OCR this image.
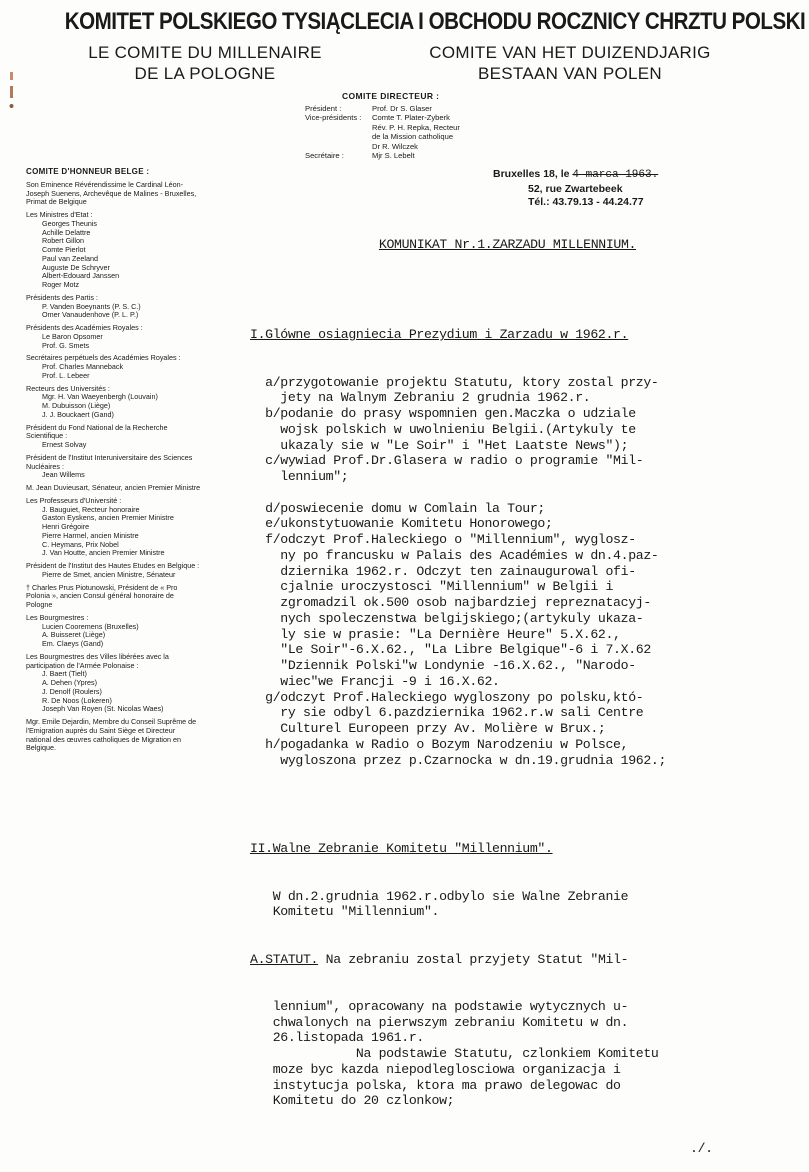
KOMITET POLSKIEGO TYSIĄCLECIA I OBCHODU ROCZNICY CHRZTU POLSKI
LE COMITE DU MILLENAIRE
DE LA POLOGNE
COMITE VAN HET DUIZENDJARIG
BESTAAN VAN POLEN
COMITE DIRECTEUR :
Président :	Prof. Dr S. Glaser
Vice-présidents :	Comte T. Plater-Zyberk
Rév. P. H. Repka, Recteur
de la Mission catholique
Dr R. Wilczek
Secrétaire :	Mjr S. Lebelt
Bruxelles 18, le 4 marca 1963.
52, rue Zwartebeek
Tél.: 43.79.13 - 44.24.77
COMITE D'HONNEUR BELGE :
Son Eminence Révérendissime le Cardinal Léon-Joseph Suenens, Archevêque de Malines - Bruxelles, Primat de Belgique
Les Ministres d'Etat :
Georges Theunis
Achille Delattre
Robert Gillon
Comte Pierlot
Paul van Zeeland
Auguste De Schryver
Albert-Edouard Janssen
Roger Motz
Présidents des Partis :
P. Vanden Boeynants (P. S. C.)
Omer Vanaudenhove (P. L. P.)
Présidents des Académies Royales :
Le Baron Opsomer
Prof. G. Smets
Secrétaires perpétuels des Académies Royales :
Prof. Charles Manneback
Prof. L. Lebeer
Recteurs des Universités :
Mgr. H. Van Waeyenbergh (Louvain)
M. Dubuisson (Liège)
J. J. Bouckaert (Gand)
Président du Fond National de la Recherche Scientifique :
Ernest Solvay
Président de l'Institut Interuniversitaire des Sciences Nucléaires :
Jean Willems
M. Jean Duvieusart, Sénateur, ancien Premier Ministre
Les Professeurs d'Université :
J. Bauguiet, Recteur honoraire
Gaston Eyskens, ancien Premier Ministre
Henri Grégoire
Pierre Harmel, ancien Ministre
C. Heymans, Prix Nobel
J. Van Houtte, ancien Premier Ministre
Président de l'Institut des Hautes Etudes en Belgique :
Pierre de Smet, ancien Ministre, Sénateur
† Charles Prus Piotunowski, Président de « Pro Polonia », ancien Consul général honoraire de Pologne
Les Bourgmestres :
Lucien Cooremens (Bruxelles)
A. Buisseret (Liège)
Em. Claeys (Gand)
Les Bourgmestres des Villes libérées avec la participation de l'Armée Polonaise :
J. Baert (Tielt)
A. Dehen (Ypres)
J. Denolf (Roulers)
R. De Noos (Lokeren)
Joseph Van Royen (St. Nicolas Waes)
Mgr. Emile Dejardin, Membre du Conseil Suprême de l'Emigration auprès du Saint Siège et Directeur national des œuvres catholiques de Migration en Belgique.

KOMUNIKAT Nr.1.ZARZADU MILLENNIUM.

I.Glówne osiagniecia Prezydium i Zarzadu w 1962.r.

a/przygotowanie projektu Statutu, ktory zostal przy-
jety na Walnym Zebraniu 2 grudnia 1962.r.
b/podanie do prasy wspomnien gen.Maczka o udziale
wojsk polskich w uwolnieniu Belgii.(Artykuly te
ukazaly sie w "Le Soir" i "Het Laatste News");
c/wywiad Prof.Dr.Glasera w radio o programie "Mil-
lennium";
d/poswiecenie domu w Comlain la Tour;
e/ukonstytuowanie Komitetu Honorowego;
f/odczyt Prof.Haleckiego o "Millennium", wyglosz-
ny po francusku w Palais des Académies w dn.4.paz-
dziernika 1962.r. Odczyt ten zainaugurowal ofi-
cjalnie uroczystosci "Millennium" w Belgii i
zgromadzil ok.500 osob najbardziej repreznatacyj-
nych spoleczenstwa belgijskiego;(artykuly ukaza-
ly sie w prasie: "La Dernière Heure" 5.X.62.,
"Le Soir"-6.X.62., "La Libre Belgique"-6 i 7.X.62
"Dziennik Polski"w Londynie -16.X.62., "Narodo-
wiec"we Francji -9 i 16.X.62.
g/odczyt Prof.Haleckiego wygloszony po polsku,któ-
ry sie odbyl 6.pazdziernika 1962.r.w sali Centre
Culturel Europeen przy Av. Molière w Brux.;
h/pogadanka w Radio o Bozym Narodzeniu w Polsce,
wygloszona przez p.Czarnocka w dn.19.grudnia 1962.;

II.Walne Zebranie Komitetu "Millennium".

W dn.2.grudnia 1962.r.odbylo sie Walne Zebranie
Komitetu "Millennium".

A.STATUT. Na zebraniu zostal przyjety Statut "Mil-

lennium", opracowany na podstawie wytycznych u-
chwalonych na pierwszym zebraniu Komitetu w dn.
26.listopada 1961.r.
Na podstawie Statutu, czlonkiem Komitetu
moze byc kazda niepodleglosciowa organizacja i
instytucja polska, ktora ma prawo delegowac do
Komitetu do 20 czlonkow;

./.
